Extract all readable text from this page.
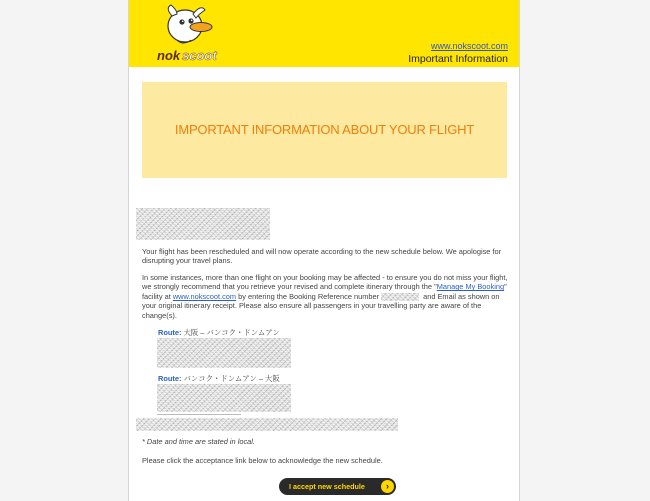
nok scoot
www.nokscoot.com
Important Information
IMPORTANT INFORMATION ABOUT YOUR FLIGHT
Your flight has been rescheduled and will now operate according to the new schedule below. We apologise for disrupting your travel plans.
In some instances, more than one flight on your booking may be affected - to ensure you do not miss your flight, we strongly recommend that you retrieve your revised and complete itinerary through the "Manage My Booking" facility at www.nokscoot.com by entering the Booking Reference number	and Email as shown on your original itinerary receipt. Please also ensure all passengers in your travelling party are aware of the change(s).
Route: 大阪 – バンコク・ドンムアン
Route: バンコク・ドンムアン – 大阪
* Date and time are stated in local.
Please click the acceptance link below to acknowledge the new schedule.
I accept new schedule	›
